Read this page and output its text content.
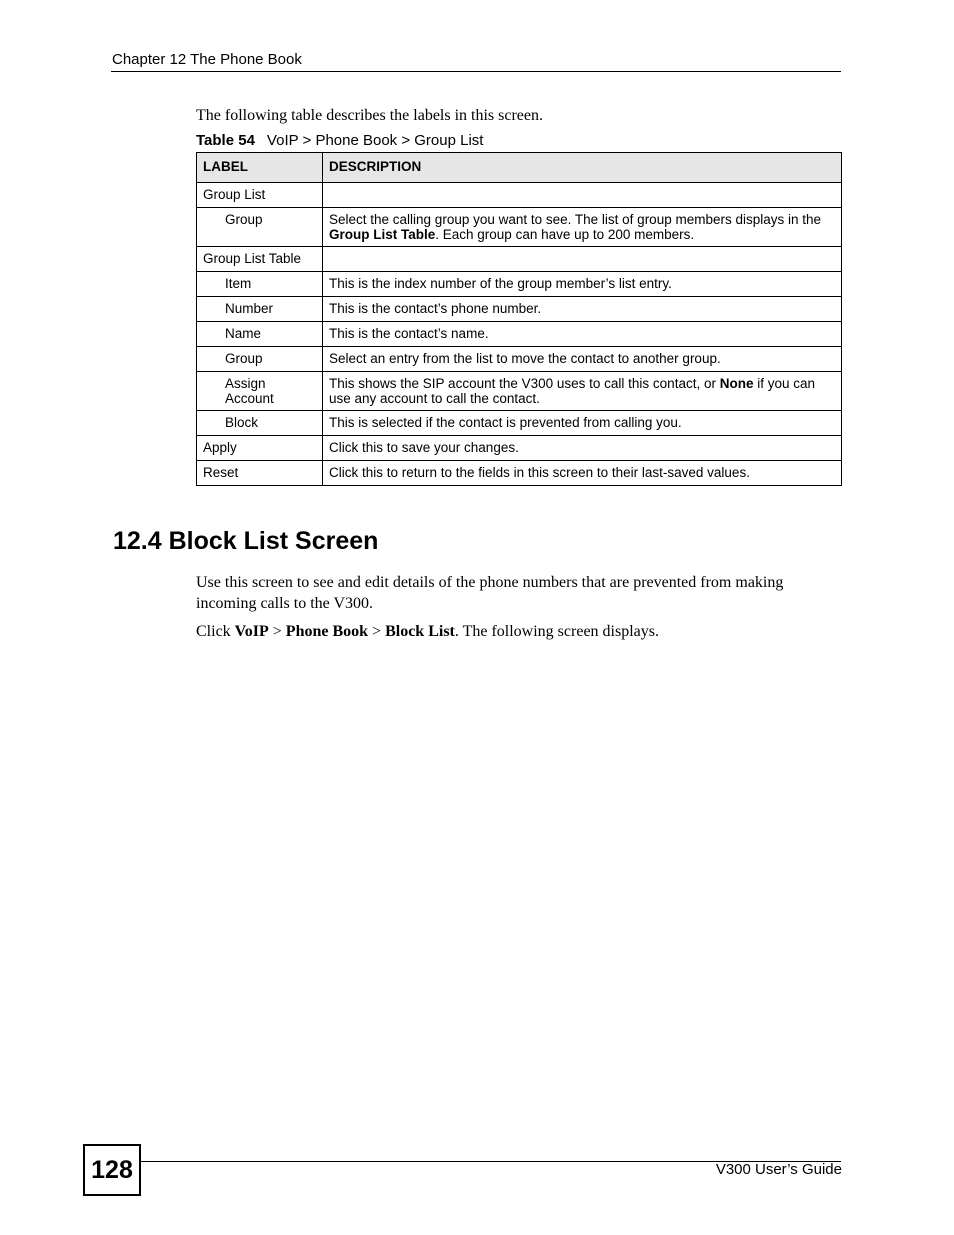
Chapter 12 The Phone Book
The following table describes the labels in this screen.
Table 54 VoIP > Phone Book > Group List
LABEL	DESCRIPTION
Group List	
Group	Select the calling group you want to see. The list of group members displays in the Group List Table. Each group can have up to 200 members.
Group List Table	
Item	This is the index number of the group member’s list entry.
Number	This is the contact’s phone number.
Name	This is the contact’s name.
Group	Select an entry from the list to move the contact to another group.
Assign Account	This shows the SIP account the V300 uses to call this contact, or None if you can use any account to call the contact.
Block	This is selected if the contact is prevented from calling you.
Apply	Click this to save your changes.
Reset	Click this to return to the fields in this screen to their last-saved values.
12.4 Block List Screen
Use this screen to see and edit details of the phone numbers that are prevented from making incoming calls to the V300.
Click VoIP > Phone Book > Block List. The following screen displays.
128	V300 User’s Guide
